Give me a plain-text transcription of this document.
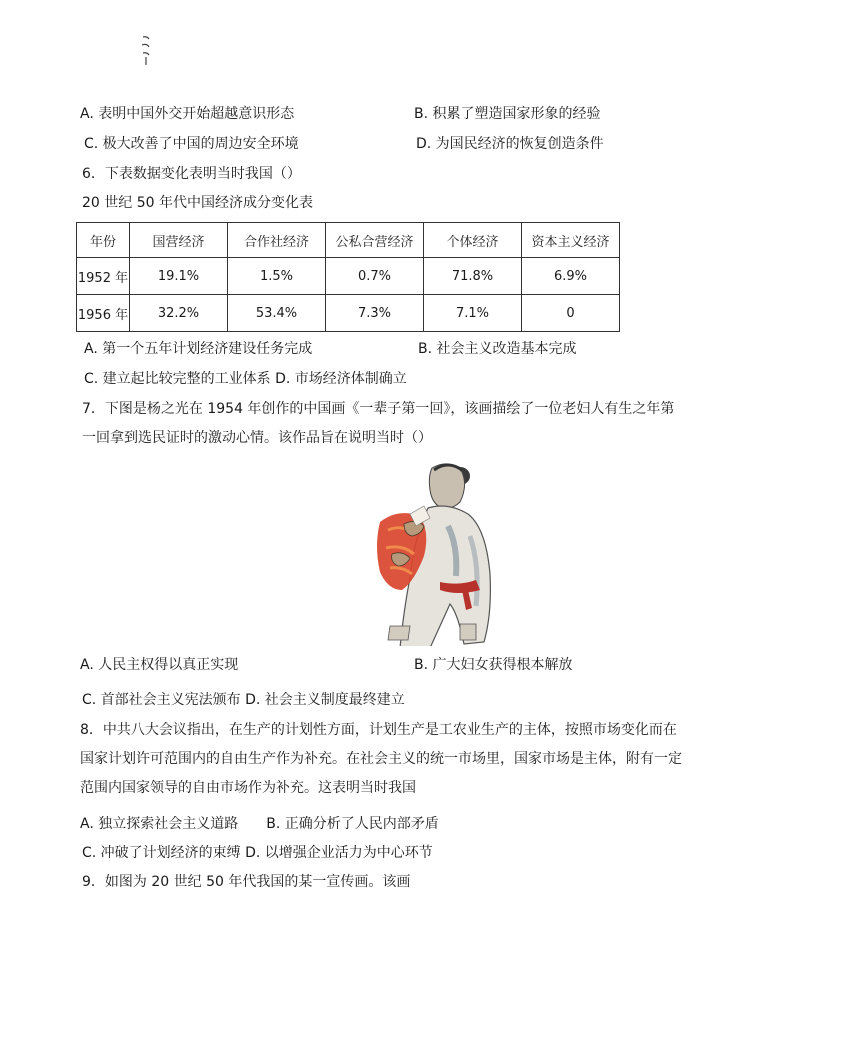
A. 表明中国外交开始超越意识形态	B. 积累了塑造国家形象的经验
C. 极大改善了中国的周边安全环境	D. 为国民经济的恢复创造条件
6．下表数据变化表明当时我国（）
20 世纪 50 年代中国经济成分变化表
年份	国营经济	合作社经济	公私合营经济	个体经济	资本主义经济
1952 年	19.1%	1.5%	0.7%	71.8%	6.9%
1956 年	32.2%	53.4%	7.3%	7.1%	0
A. 第一个五年计划经济建设任务完成	B. 社会主义改造基本完成
C. 建立起比较完整的工业体系 D. 市场经济体制确立
7．下图是杨之光在 1954 年创作的中国画《一辈子第一回》，该画描绘了一位老妇人有生之年第
一回拿到选民证时的激动心情。该作品旨在说明当时（）
A. 人民主权得以真正实现	B. 广大妇女获得根本解放
C. 首部社会主义宪法颁布 D. 社会主义制度最终建立
8．中共八大会议指出，在生产的计划性方面，计划生产是工农业生产的主体，按照市场变化而在
国家计划许可范围内的自由生产作为补充。在社会主义的统一市场里，国家市场是主体，附有一定
范围内国家领导的自由市场作为补充。这表明当时我国
A. 独立探索社会主义道路　　B. 正确分析了人民内部矛盾
C. 冲破了计划经济的束缚 D. 以增强企业活力为中心环节
9．如图为 20 世纪 50 年代我国的某一宣传画。该画
